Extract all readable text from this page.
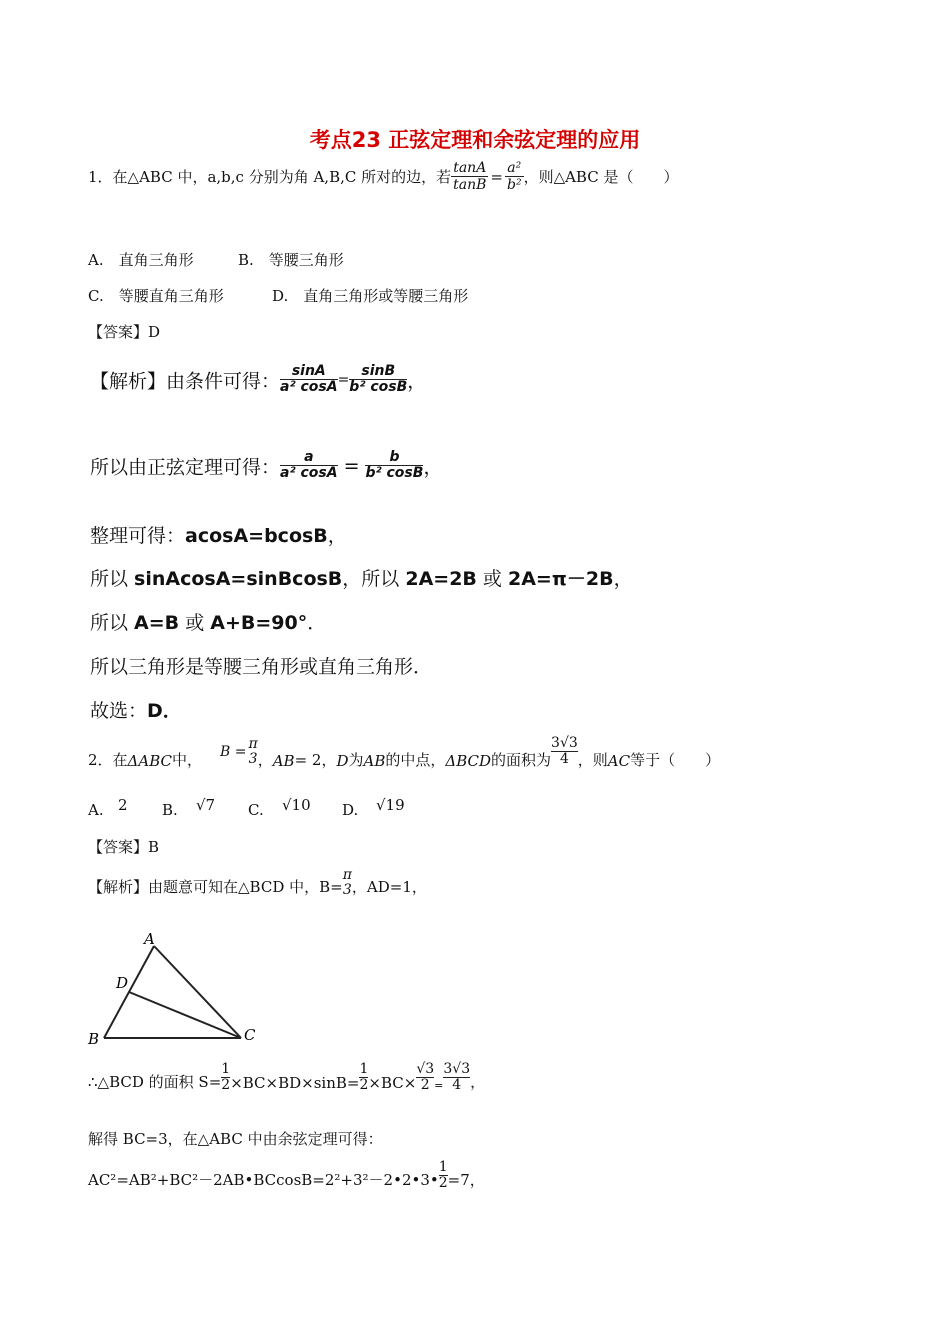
考点23 正弦定理和余弦定理的应用
1．在△ABC 中，a,b,c 分别为角 A,B,C 所对的边，若 $\frac{\tan A}{\tan B} = \frac{\text{a²}}{\text{b²}}$ ，则△ABC 是（　　）
A.　直角三角形	B.　等腰三角形
C.　等腰直角三角形	D.　直角三角形或等腰三角形
【答案】D
【解析】由条件可得： $\frac{\sin A}{\text{a² cosA}} = \frac{\sin B}{\text{b² cosB}}$ ，
所以由正弦定理可得： $\frac{a}{\text{a² cosA}} = \frac{b}{\text{b² cosB}}$ ，
整理可得：acosA=bcosB，
所以 sinAcosA=sinBcosB，所以 2A=2B 或 2A=π－2B，
所以 A=B 或 A+B=90°．
所以三角形是等腰三角形或直角三角形．
故选：D．
2．在ΔABC中， B = π
3 ，AB= 2，D为AB的中点，ΔBCD的面积为 $\frac{3√3}{4}$ ，则AC等于（　　）
A. 2 B. √7 C. √10 D. √19
【答案】B
【解析】由题意可知在△BCD 中，B=
π
3 ，AD=1，
A
B	C
D
∴△BCD 的面积 $S= \frac{1}{2} \times BC\times BD\times\sin B= \frac{1}{2} \times BC\times \frac{√3}{2} = \frac{3√3}{4}$ ，
解得 BC=3，在△ABC 中由余弦定理可得：
AC²=AB²+BC²－2AB•BCcosB=2²+3²－2•2•3• $\frac{1}{2} =7$，
